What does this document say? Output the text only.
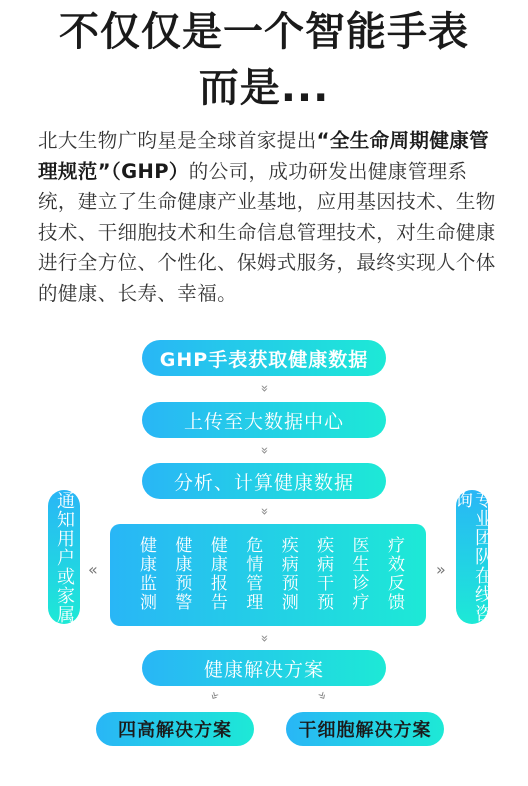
不仅仅是一个智能手表
而是...
北大生物广昀星是全球首家提出“全生命周期健康管理规范”（GHP）的公司，成功研发出健康管理系统，建立了生命健康产业基地，应用基因技术、生物技术、干细胞技术和生命信息管理技术，对生命健康进行全方位、个性化、保姆式服务，最终实现人个体的健康、长寿、幸福。
GHP手表获取健康数据
»
上传至大数据中心
»
分析、计算健康数据
»
健康监测 健康预警 健康报告 危情管理 疾病预测 疾病干预 医生诊疗 疗效反馈
通知用户或家属 «	专业团队在线咨询
»
»
健康解决方案
»	»
四高解决方案	干细胞解决方案
